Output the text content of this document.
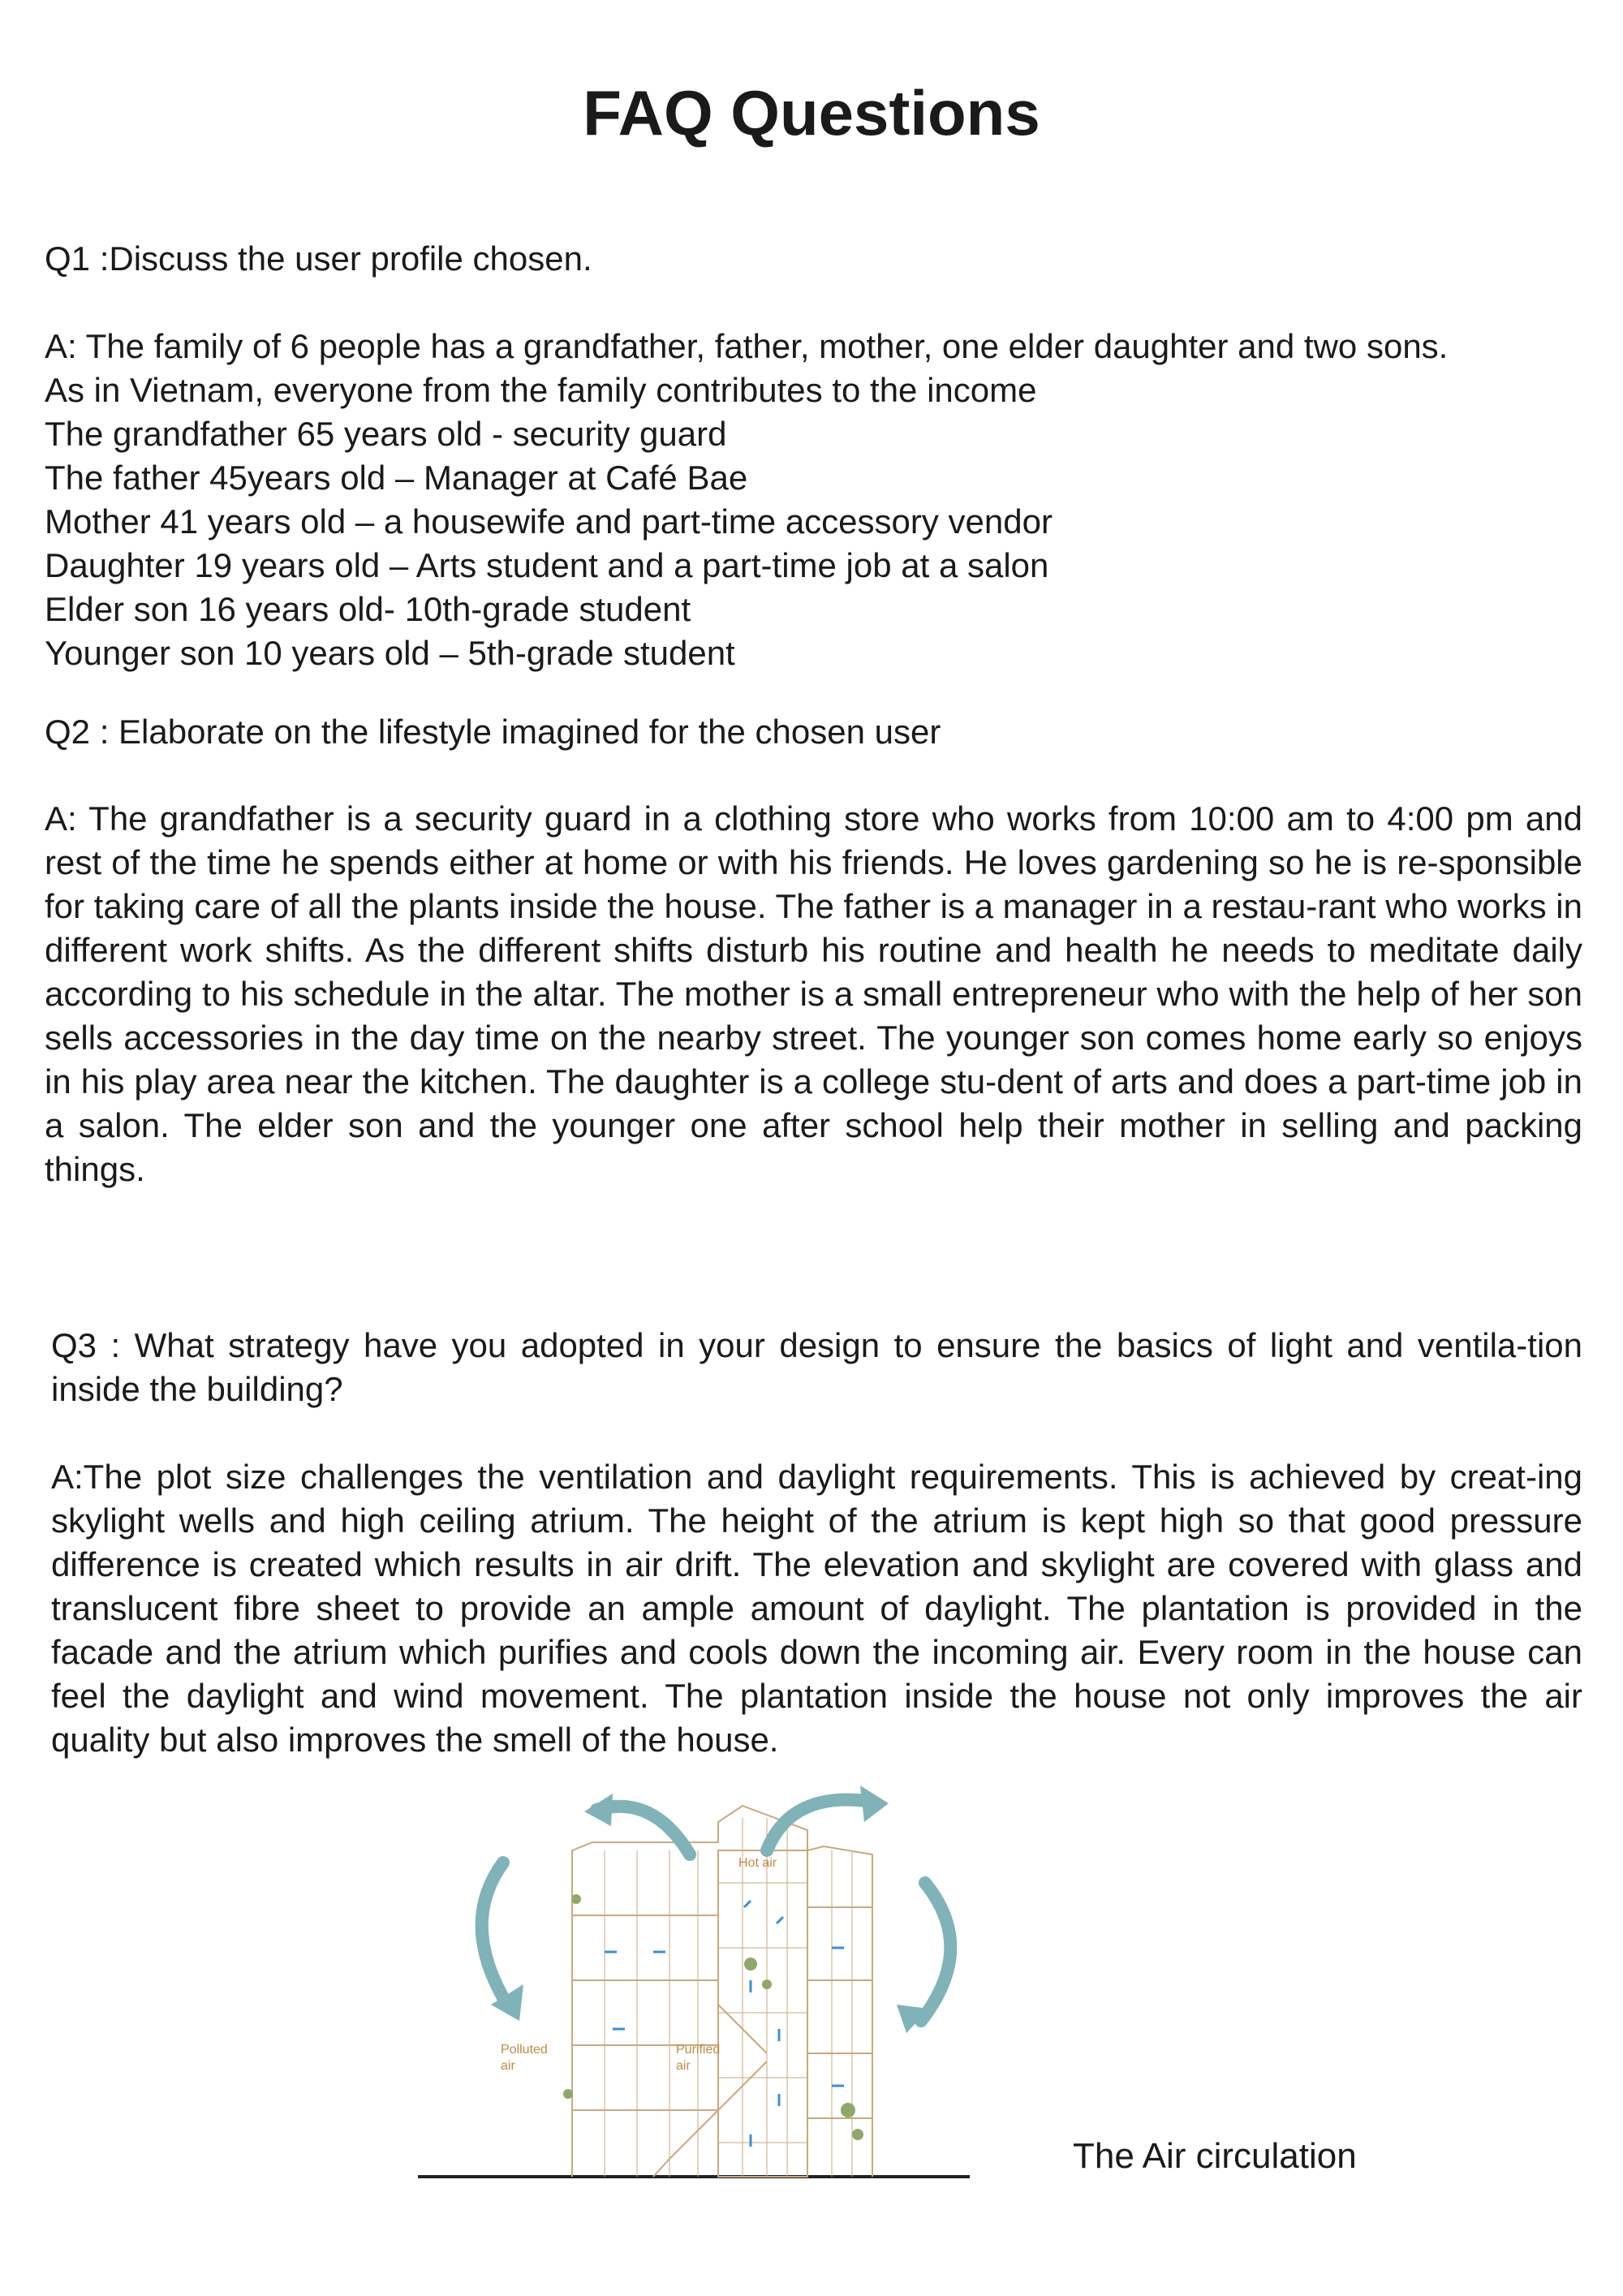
FAQ Questions
Q1 :Discuss the user profile chosen.
A: The family of 6 people has a grandfather, father, mother, one elder daughter and two sons.
As in Vietnam, everyone from the family contributes to the income
The grandfather 65 years old - security guard
The father 45years old – Manager at Café Bae
Mother 41 years old – a housewife and part-time accessory vendor
Daughter 19 years old – Arts student and a part-time job at a salon
Elder son 16 years old- 10th-grade student
Younger son 10 years old – 5th-grade student
Q2 : Elaborate on the lifestyle imagined for the chosen user
A: The grandfather is a security guard in a clothing store who works from 10:00 am to 4:00 pm and rest of the time he spends either at home or with his friends. He loves gardening so he is re-sponsible for taking care of all the plants inside the house. The father is a manager in a restau-rant who works in different work shifts. As the different shifts disturb his routine and health he needs to meditate daily according to his schedule in the altar. The mother is a small entrepreneur who with the help of her son sells accessories in the day time on the nearby street. The younger son comes home early so enjoys in his play area near the kitchen. The daughter is a college stu-dent of arts and does a part-time job in a salon. The elder son and the younger one after school help their mother in selling and packing things.
Q3 : What strategy have you adopted in your design to ensure the basics of light and ventila-tion inside the building?
A:The plot size challenges the ventilation and daylight requirements. This is achieved by creat-ing skylight wells and high ceiling atrium. The height of the atrium is kept high so that good pressure difference is created which results in air drift. The elevation and skylight are covered with glass and translucent fibre sheet to provide an ample amount of daylight. The plantation is provided in the facade and the atrium which purifies and cools down the incoming air. Every room in the house can feel the daylight and wind movement. The plantation inside the house not only improves the air quality but also improves the smell of the house.
Hot air
Polluted
air
Purified
air
The Air circulation
